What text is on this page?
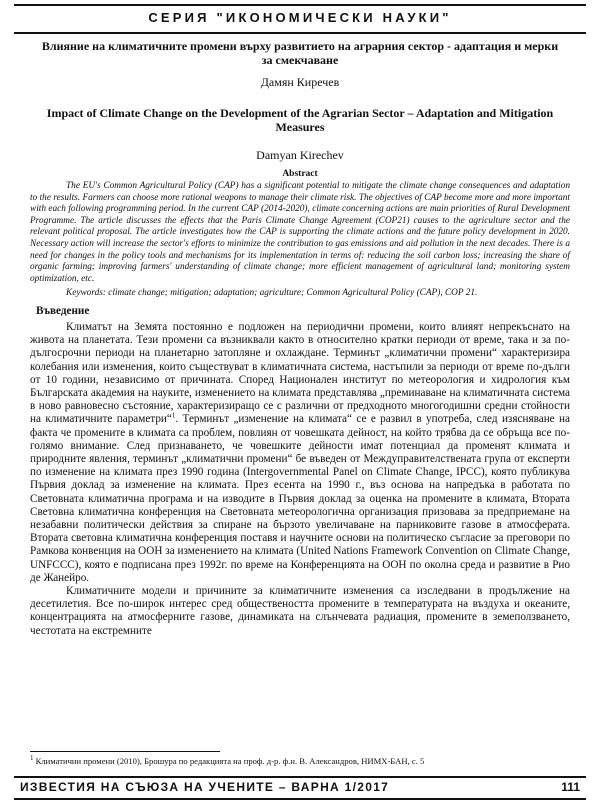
СЕРИЯ "ИКОНОМИЧЕСКИ НАУКИ"
Влияние на климатичните промени върху развитието на аграрния сектор - адаптация и мерки за смекчаване
Дамян Киречев
Impact of Climate Change on the Development of the Agrarian Sector – Adaptation and Mitigation Measures
Damyan Kirechev
Abstract

The EU's Common Agricultural Policy (CAP) has a significant potential to mitigate the climate change consequences and adaptation to the results. Farmers can choose more rational weapons to manage their climate risk. The objectives of CAP become more and more important with each following programming period. In the current CAP (2014-2020), climate concerning actions are main priorities of Rural Development Programme. The article discusses the effects that the Paris Climate Change Agreement (COP21) causes to the agriculture sector and the relevant political proposal. The article investigates how the CAP is supporting the climate actions and the future policy development in 2020. Necessary action will increase the sector's efforts to minimize the contribution to gas emissions and aid pollution in the next decades. There is a need for changes in the policy tools and mechanisms for its implementation in terms of: reducing the soil carbon loss; increasing the share of organic farming; improving farmers' understanding of climate change; more efficient management of agricultural land; monitoring system optimization, etc.

Keywords: climate change; mitigation; adaptation; agriculture; Common Agricultural Policy (CAP), COP 21.

Въведение

Климатът на Земята постоянно е подложен на периодични промени, които влияят непрекъснато на живота на планетата. Тези промени са възниквали както в относително кратки периоди от време, така и за по-дългосрочни периоди на планетарно затопляне и охлаждане. Терминът „климатични промени“ характеризира колебания или изменения, които съществуват в климатичната система, настъпили за периоди от време по-дълги от 10 години, независимо от причината. Според Национален институт по метеорология и хидрология към Българската академия на науките, изменението на климата представлява „преминаване на климатичната система в ново равновесно състояние, характеризиращо се с различни от предходното многогодишни средни стойности на климатичните параметри“$^1$. Терминът „изменение на климата“ се е развил в употреба, след изясняване на факта че промените в климата са проблем, повлиян от човешката дейност, на който трябва да се обръща все по-голямо внимание. След признаването, че човешките дейности имат потенциал да променят климата и природните явления, терминът „климатични промени“ бе въведен от Междуправителствената група от експерти по изменение на климата през 1990 година (Intergovernmental Panel on Climate Change, IPCC), която публикува Първия доклад за изменение на климата. През есента на 1990 г., въз основа на напредъка в работата по Световната климатична програма и на изводите в Първия доклад за оценка на промените в климата, Втората Световна климатична конференция на Световната метеорологична организация призовава за предприемане на незабавни политически действия за спиране на бързото увеличаване на парниковите газове в атмосферата. Втората световна климатична конференция поставя и научните основи на политическо съгласие за преговори по Рамкова конвенция на ООН за изменението на климата (United Nations Framework Convention on Climate Change, UNFCCC), която е подписана през 1992г. по време на Конференцията на ООН по околна среда и развитие в Рио де Жанейро.

Климатичните модели и причините за климатичните изменения са изследвани в продължение на десетилетия. Все по-широк интерес сред обществеността промените в температурата на въздуха и океаните, концентрацията на атмосферните газове, динамиката на слънчевата радиация, промените в земеползването, честотата на екстремните

$^1$ Климатични промени (2010), Брошура по редакцията на проф. д-р. ф.н. В. Александров, НИМХ-БАН, с. 5
ИЗВЕСТИЯ НА СЪЮЗА НА УЧЕНИТЕ – ВАРНА 1/2017	111
